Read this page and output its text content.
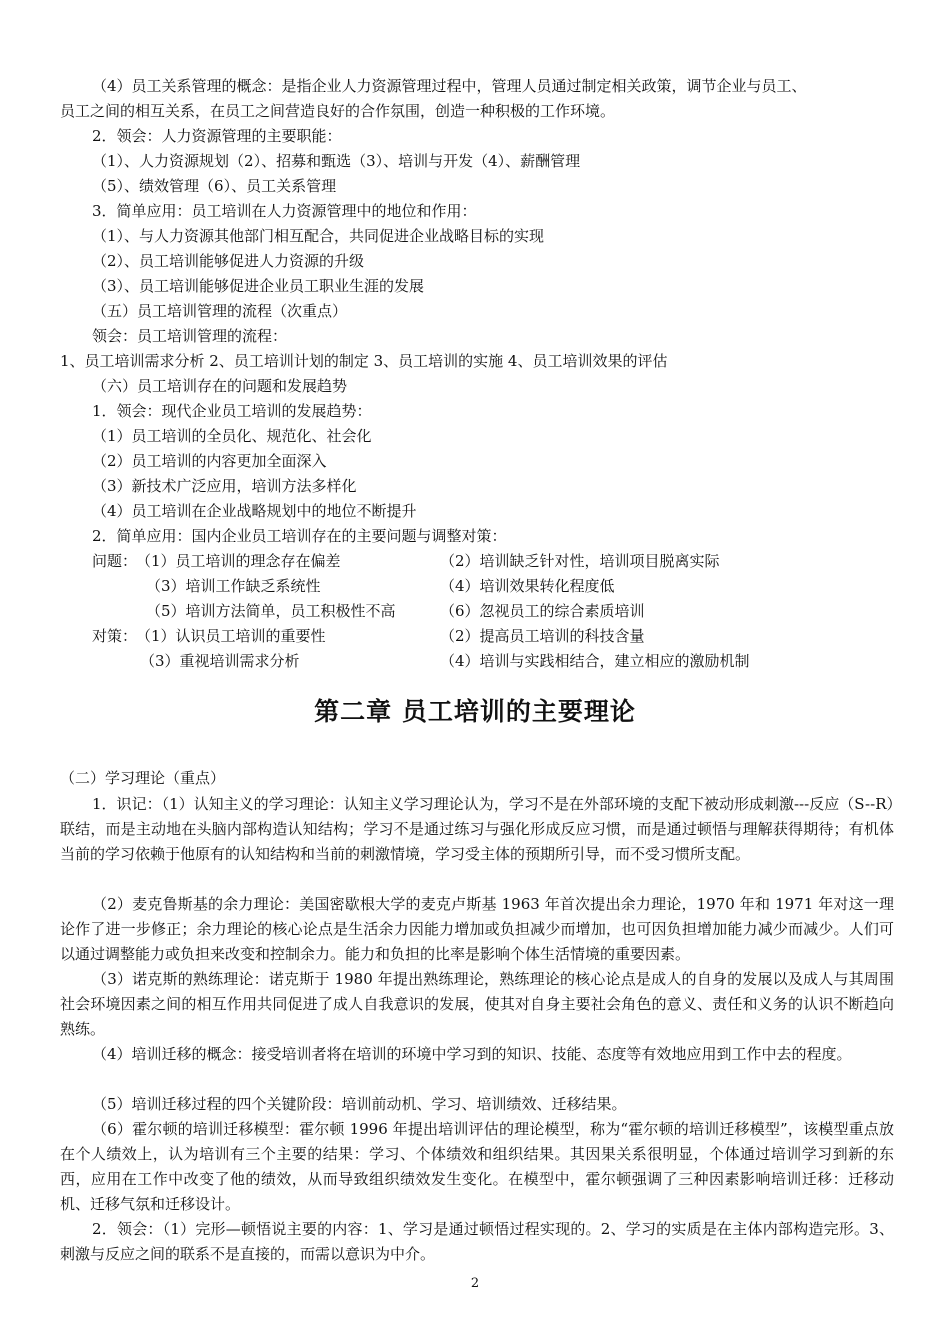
（4）员工关系管理的概念：是指企业人力资源管理过程中，管理人员通过制定相关政策，调节企业与员工、
员工之间的相互关系，在员工之间营造良好的合作氛围，创造一种积极的工作环境。
2．领会：人力资源管理的主要职能：
（1）、人力资源规划（2）、招募和甄选（3）、培训与开发（4）、薪酬管理
（5）、绩效管理（6）、员工关系管理
3．简单应用：员工培训在人力资源管理中的地位和作用：
（1）、与人力资源其他部门相互配合，共同促进企业战略目标的实现
（2）、员工培训能够促进人力资源的升级
（3）、员工培训能够促进企业员工职业生涯的发展
（五）员工培训管理的流程（次重点）
领会：员工培训管理的流程：
1、员工培训需求分析 2、员工培训计划的制定 3、员工培训的实施 4、员工培训效果的评估
（六）员工培训存在的问题和发展趋势
1．领会：现代企业员工培训的发展趋势：
（1）员工培训的全员化、规范化、社会化
（2）员工培训的内容更加全面深入
（3）新技术广泛应用，培训方法多样化
（4）员工培训在企业战略规划中的地位不断提升
2．简单应用：国内企业员工培训存在的主要问题与调整对策：
问题：
（1）员工培训的理念存在偏差	（2）培训缺乏针对性，培训项目脱离实际
（3）培训工作缺乏系统性	（4）培训效果转化程度低
（5）培训方法简单，员工积极性不高	（6）忽视员工的综合素质培训
对策：
（1）认识员工培训的重要性	（2）提高员工培训的科技含量
（3）重视培训需求分析	（4）培训与实践相结合，建立相应的激励机制
第二章 员工培训的主要理论
（二）学习理论（重点）
1．识记：（1）认知主义的学习理论：认知主义学习理论认为，学习不是在外部环境的支配下被动形成刺激---反应（S--R）联结，而是主动地在头脑内部构造认知结构；学习不是通过练习与强化形成反应习惯，而是通过顿悟与理解获得期待；有机体当前的学习依赖于他原有的认知结构和当前的刺激情境，学习受主体的预期所引导，而不受习惯所支配。
（2）麦克鲁斯基的余力理论：美国密歇根大学的麦克卢斯基 1963 年首次提出余力理论，1970 年和 1971 年对这一理论作了进一步修正；余力理论的核心论点是生活余力因能力增加或负担减少而增加，也可因负担增加能力减少而减少。人们可以通过调整能力或负担来改变和控制余力。能力和负担的比率是影响个体生活情境的重要因素。
（3）诺克斯的熟练理论：诺克斯于 1980 年提出熟练理论，熟练理论的核心论点是成人的自身的发展以及成人与其周围社会环境因素之间的相互作用共同促进了成人自我意识的发展，使其对自身主要社会角色的意义、责任和义务的认识不断趋向熟练。
（4）培训迁移的概念：接受培训者将在培训的环境中学习到的知识、技能、态度等有效地应用到工作中去的程度。
（5）培训迁移过程的四个关键阶段：培训前动机、学习、培训绩效、迁移结果。
（6）霍尔顿的培训迁移模型：霍尔顿 1996 年提出培训评估的理论模型，称为“霍尔顿的培训迁移模型”，该模型重点放在个人绩效上，认为培训有三个主要的结果：学习、个体绩效和组织结果。其因果关系很明显，个体通过培训学习到新的东西，应用在工作中改变了他的绩效，从而导致组织绩效发生变化。在模型中，霍尔顿强调了三种因素影响培训迁移：迁移动机、迁移气氛和迁移设计。
2．领会：（1）完形—顿悟说主要的内容：1、学习是通过顿悟过程实现的。2、学习的实质是在主体内部构造完形。3、刺激与反应之间的联系不是直接的，而需以意识为中介。
2
